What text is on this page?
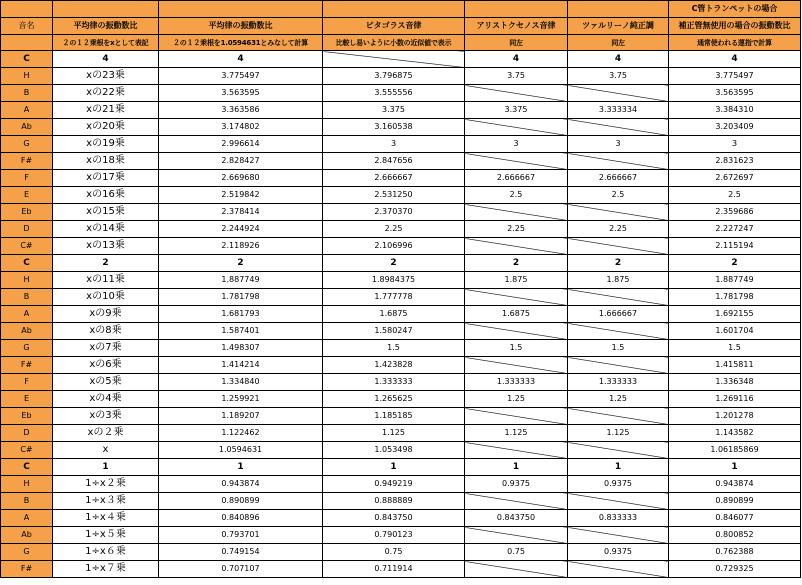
						C管トランペットの場合
音名	平均律の振動数比	平均律の振動数比	ピタゴラス音律	アリストクセノス音律	ツァルリーノ純正調	補正管無使用の場合の振動数比
	２の１２乗根をxとして表記	２の１２乗根を1.0594631とみなして計算	比較し易いように小数の近似値で表示	同左	同左	通常使われる運指で計算
C	4	4		4	4	4
H	xの23乗	3.775497	3.796875	3.75	3.75	3.775497
B	xの22乗	3.563595	3.555556			3.563595
A	xの21乗	3.363586	3.375	3.375	3.333334	3.384310
Ab	xの20乗	3.174802	3.160538			3.203409
G	xの19乗	2.996614	3	3	3	3
F#	xの18乗	2.828427	2.847656			2.831623
F	xの17乗	2.669680	2.666667	2.666667	2.666667	2.672697
E	xの16乗	2.519842	2.531250	2.5	2.5	2.5
Eb	xの15乗	2.378414	2.370370			2.359686
D	xの14乗	2.244924	2.25	2.25	2.25	2.227247
C#	xの13乗	2.118926	2.106996			2.115194
C	2	2	2	2	2	2
H	xの11乗	1.887749	1.8984375	1.875	1.875	1.887749
B	xの10乗	1.781798	1.777778			1.781798
A	xの9乗	1.681793	1.6875	1.6875	1.666667	1.692155
Ab	xの8乗	1.587401	1.580247			1.601704
G	xの7乗	1.498307	1.5	1.5	1.5	1.5
F#	xの6乗	1.414214	1.423828			1.415811
F	xの5乗	1.334840	1.333333	1.333333	1.333333	1.336348
E	xの4乗	1.259921	1.265625	1.25	1.25	1.269116
Eb	xの3乗	1.189207	1.185185			1.201278
D	xの２乗	1.122462	1.125	1.125	1.125	1.143582
C#	x	1.0594631	1.053498			1.06185869
C	1	1	1	1	1	1
H	1÷x２乗	0.943874	0.949219	0.9375	0.9375	0.943874
B	1÷x３乗	0.890899	0.888889			0.890899
A	1÷x４乗	0.840896	0.843750	0.843750	0.833333	0.846077
Ab	1÷x５乗	0.793701	0.790123			0.800852
G	1÷x６乗	0.749154	0.75	0.75	0.9375	0.762388
F#	1÷x７乗	0.707107	0.711914			0.729325
